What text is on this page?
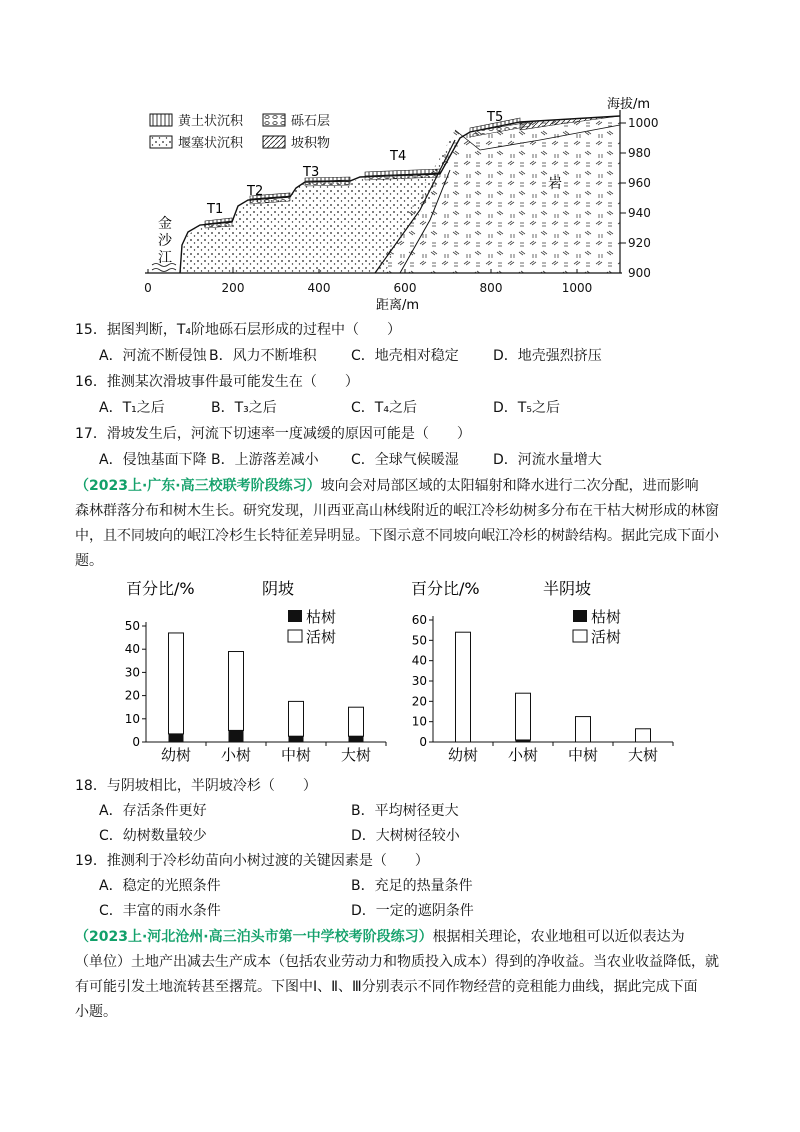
0	200	400	600	800	1000
1000
980
960
940
920
900
海拔/m
距离/m
T1
T2
T3
T4
T5
岩
金
沙
江
黄土状沉积	砾石层
堰塞状沉积	坡积物
15．据图判断，T₄阶地砾石层形成的过程中（　　）
A．河流不断侵蚀 B．风力不断堆积 C．地壳相对稳定 D．地壳强烈挤压
16．推测某次滑坡事件最可能发生在（　　）
A．T₁之后	B．T₃之后	C．T₄之后	D．T₅之后
17．滑坡发生后，河流下切速率一度减缓的原因可能是（　　）
A．侵蚀基面下降 B．上游落差减小 C．全球气候暖湿 D．河流水量增大
（2023上·广东·高三校联考阶段练习）坡向会对局部区域的太阳辐射和降水进行二次分配，进而影响
森林群落分布和树木生长。研究发现，川西亚高山林线附近的岷江冷杉幼树多分布在干枯大树形成的林窗
中，且不同坡向的岷江冷杉生长特征差异明显。下图示意不同坡向岷江冷杉的树龄结构。据此完成下面小
题。
百分比/%	阴坡
0
10
20
30
40
50
幼树 小树 中树 大树
枯树
活树
百分比/%	半阴坡
0
10
20
30
40
50
60
幼树 小树 中树 大树
枯树
活树
18．与阴坡相比，半阴坡冷杉（　　）
A．存活条件更好	B．平均树径更大
C．幼树数量较少	D．大树树径较小
19．推测利于冷杉幼苗向小树过渡的关键因素是（　　）
A．稳定的光照条件	B．充足的热量条件
C．丰富的雨水条件	D．一定的遮阴条件
（2023上·河北沧州·高三泊头市第一中学校考阶段练习）根据相关理论，农业地租可以近似表达为
（单位）土地产出减去生产成本（包括农业劳动力和物质投入成本）得到的净收益。当农业收益降低，就
有可能引发土地流转甚至撂荒。下图中Ⅰ、Ⅱ、Ⅲ分别表示不同作物经营的竞租能力曲线，据此完成下面
小题。
